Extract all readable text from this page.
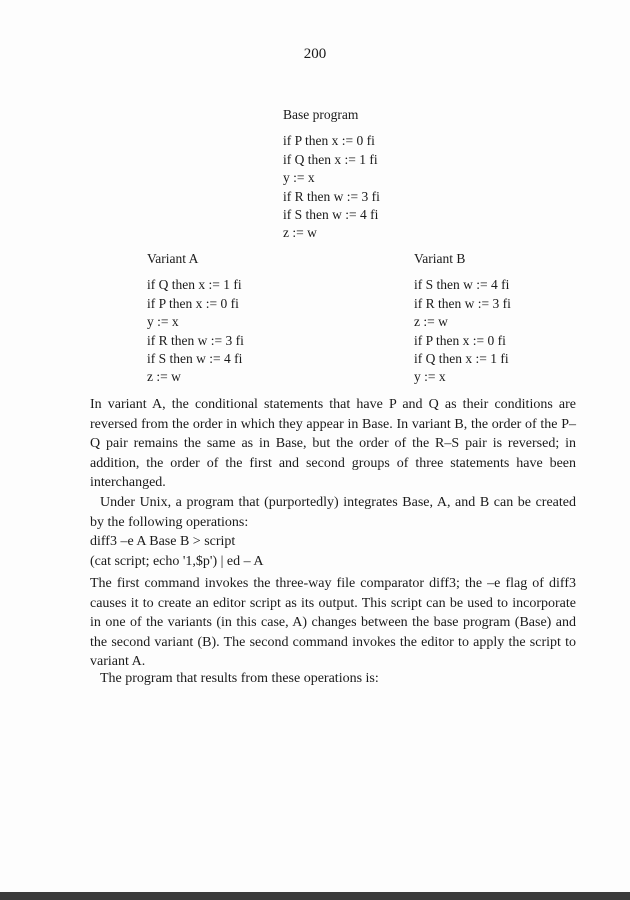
200
Base program
if P then x := 0 fi
if Q then x := 1 fi
y := x
if R then w := 3 fi
if S then w := 4 fi
z := w
Variant A
if Q then x := 1 fi
if P then x := 0 fi
y := x
if R then w := 3 fi
if S then w := 4 fi
z := w
Variant B
if S then w := 4 fi
if R then w := 3 fi
z := w
if P then x := 0 fi
if Q then x := 1 fi
y := x

In variant A, the conditional statements that have P and Q as their conditions are reversed from the order in which they appear in Base. In variant B, the order of the P–Q pair remains the same as in Base, but the order of the R–S pair is reversed; in addition, the order of the first and second groups of three statements have been interchanged.

Under Unix, a program that (purportedly) integrates Base, A, and B can be created by the following operations:

diff3 –e A Base B > script
(cat script; echo '1,$p') | ed – A

The first command invokes the three-way file comparator diff3; the –e flag of diff3 causes it to create an editor script as its output. This script can be used to incorporate in one of the variants (in this case, A) changes between the base program (Base) and the second variant (B). The second command invokes the editor to apply the script to variant A.

The program that results from these operations is:
